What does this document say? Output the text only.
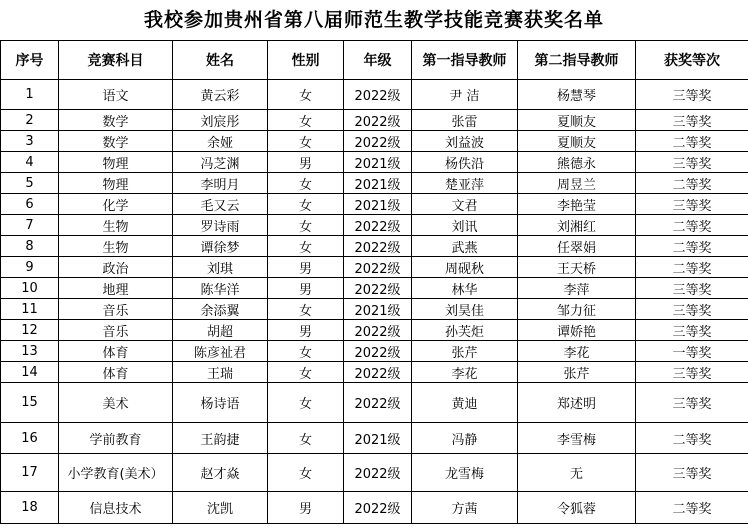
我校参加贵州省第八届师范生教学技能竞赛获奖名单
序号	竞赛科目	姓名	性别	年级	第一指导教师	第二指导教师	获奖等次
1	语文	黄云彩	女	2022级	尹 洁	杨慧琴	三等奖
2	数学	刘宸彤	女	2022级	张雷	夏顺友	三等奖
3	数学	余娅	女	2022级	刘益波	夏顺友	二等奖
4	物理	冯芝渊	男	2021级	杨佚沿	熊德永	三等奖
5	物理	李明月	女	2021级	楚亚萍	周昱兰	二等奖
6	化学	毛又云	女	2021级	文君	李艳莹	三等奖
7	生物	罗诗雨	女	2022级	刘讯	刘湘红	二等奖
8	生物	谭徐梦	女	2022级	武燕	任翠娟	二等奖
9	政治	刘琪	男	2022级	周砚秋	王天桥	二等奖
10	地理	陈华洋	男	2022级	林华	李萍	三等奖
11	音乐	余添翼	女	2021级	刘昊佳	邹力征	三等奖
12	音乐	胡超	男	2022级	孙芙炬	谭娇艳	三等奖
13	体育	陈彦祉君	女	2022级	张芹	李花	一等奖
14	体育	王瑞	女	2022级	李花	张芹	三等奖
15	美术	杨诗语	女	2022级	黄迪	郑述明	三等奖
16	学前教育	王韵捷	女	2021级	冯静	李雪梅	二等奖
17	小学教育(美术）	赵才焱	女	2022级	龙雪梅	无	三等奖
18	信息技术	沈凯	男	2022级	方茜	令狐蓉	二等奖
